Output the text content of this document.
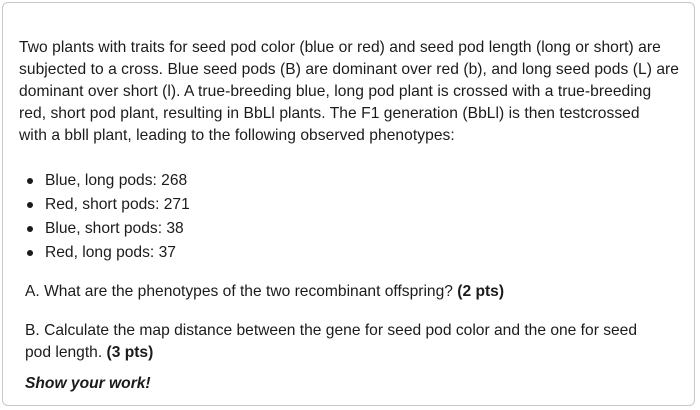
Two plants with traits for seed pod color (blue or red) and seed pod length (long or short) are
subjected to a cross. Blue seed pods (B) are dominant over red (b), and long seed pods (L) are
dominant over short (l). A true-breeding blue, long pod plant is crossed with a true-breeding
red, short pod plant, resulting in BbLl plants. The F1 generation (BbLl) is then testcrossed
with a bbll plant, leading to the following observed phenotypes:

Blue, long pods: 268
Red, short pods: 271
Blue, short pods: 38
Red, long pods: 37
A. What are the phenotypes of the two recombinant offspring? (2 pts)
B. Calculate the map distance between the gene for seed pod color and the one for seed
pod length. (3 pts)
Show your work!
